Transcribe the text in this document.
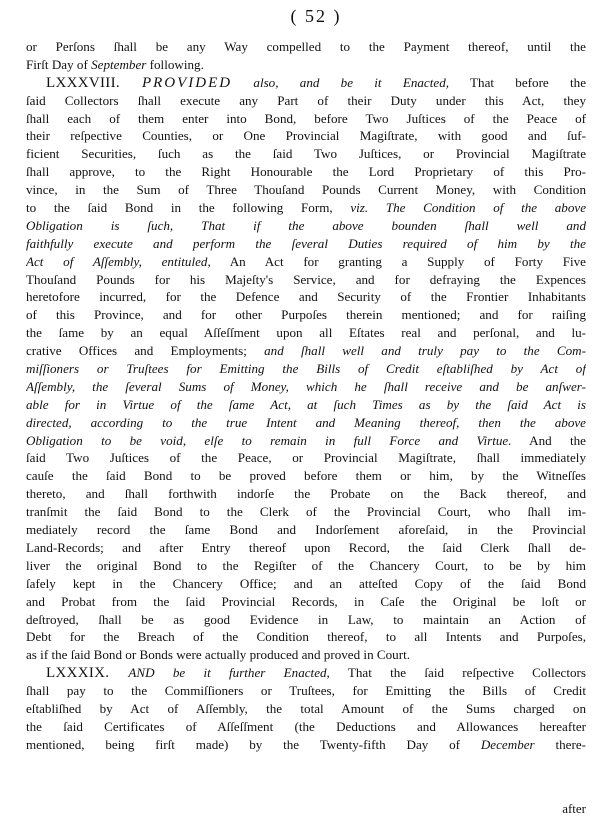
( 52 )
or Perſons ſhall be any Way compelled to the Payment thereof, until the
Firſt Day of September following.
LXXXVIII. PROVIDED also, and be it Enacted, That before the
ſaid Collectors ſhall execute any Part of their Duty under this Act, they
ſhall each of them enter into Bond, before Two Juſtices of the Peace of
their reſpective Counties, or One Provincial Magiſtrate, with good and ſuf-
ficient Securities, ſuch as the ſaid Two Juſtices, or Provincial Magiſtrate
ſhall approve, to the Right Honourable the Lord Proprietary of this Pro-
vince, in the Sum of Three Thouſand Pounds Current Money, with Condition
to the ſaid Bond in the following Form, viz. The Condition of the above
Obligation is ſuch, That if the above bounden ſhall well and
faithfully execute and perform the ſeveral Duties required of him by the
Act of Aſſembly, entituled, An Act for granting a Supply of Forty Five
Thouſand Pounds for his Majeſty's Service, and for defraying the Expences
heretofore incurred, for the Defence and Security of the Frontier Inhabitants
of this Province, and for other Purpoſes therein mentioned; and for raiſing
the ſame by an equal Aſſeſſment upon all Eſtates real and perſonal, and lu-
crative Offices and Employments; and ſhall well and truly pay to the Com-
miſſioners or Truſtees for Emitting the Bills of Credit eſtabliſhed by Act of
Aſſembly, the ſeveral Sums of Money, which he ſhall receive and be anſwer-
able for in Virtue of the ſame Act, at ſuch Times as by the ſaid Act is
directed, according to the true Intent and Meaning thereof, then the above
Obligation to be void, elſe to remain in full Force and Virtue. And the
ſaid Two Juſtices of the Peace, or Provincial Magiſtrate, ſhall immediately
cauſe the ſaid Bond to be proved before them or him, by the Witneſſes
thereto, and ſhall forthwith indorſe the Probate on the Back thereof, and
tranſmit the ſaid Bond to the Clerk of the Provincial Court, who ſhall im-
mediately record the ſame Bond and Indorſement aforeſaid, in the Provincial
Land-Records; and after Entry thereof upon Record, the ſaid Clerk ſhall de-
liver the original Bond to the Regiſter of the Chancery Court, to be by him
ſafely kept in the Chancery Office; and an atteſted Copy of the ſaid Bond
and Probat from the ſaid Provincial Records, in Caſe the Original be loſt or
deſtroyed, ſhall be as good Evidence in Law, to maintain an Action of
Debt for the Breach of the Condition thereof, to all Intents and Purpoſes,
as if the ſaid Bond or Bonds were actually produced and proved in Court.
LXXXIX. AND be it further Enacted, That the ſaid reſpective Collectors
ſhall pay to the Commiſſioners or Truſtees, for Emitting the Bills of Credit
eſtabliſhed by Act of Aſſembly, the total Amount of the Sums charged on
the ſaid Certificates of Aſſeſſment (the Deductions and Allowances hereafter
mentioned, being firſt made) by the Twenty-fifth Day of December there-
after
